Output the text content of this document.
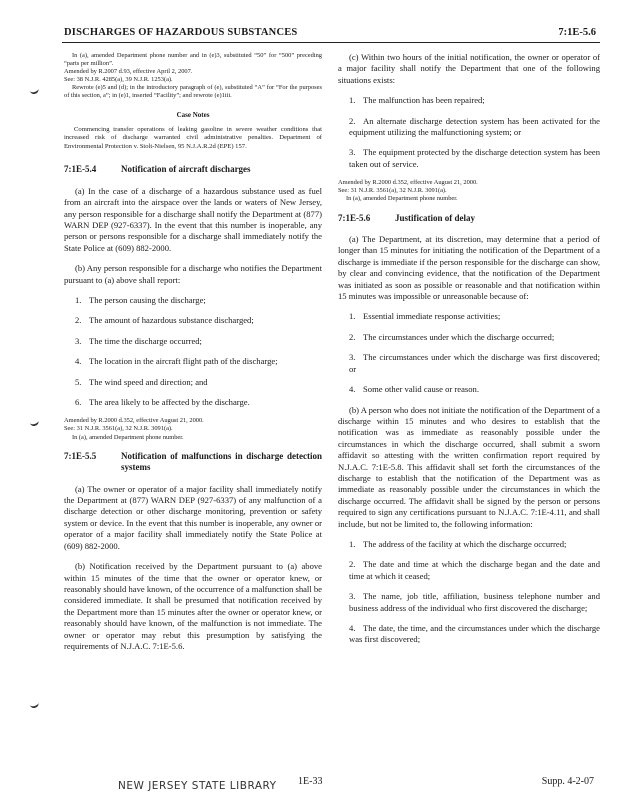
DISCHARGES OF HAZARDOUS SUBSTANCES	7:1E-5.6
In (a), amended Department phone number and in (e)3, substituted “50” for “500” preceding “parts per million”.
Amended by R.2007 d.93, effective April 2, 2007.
See: 38 N.J.R. 4285(a), 39 N.J.R. 1253(a).
Rewrote (e)5 and (d); in the introductory paragraph of (e), substituted “A” for “For the purposes of this section, a”; in (e)1, inserted “Facility”; and rewrote (e)1iii.
Case Notes

Commencing transfer operations of leaking gasoline in severe weather conditions that increased risk of discharge warranted civil administrative penalties. Department of Environmental Protection v. Stolt-Nielsen, 95 N.J.A.R.2d (EPE) 157.

7:1E-5.4	Notification of aircraft discharges

(a) In the case of a discharge of a hazardous substance used as fuel from an aircraft into the airspace over the lands or waters of New Jersey, any person responsible for a discharge shall notify the Department at (877) WARN DEP (927-6337). In the event that this number is inoperable, any person or persons responsible for a discharge shall immediately notify the State Police at (609) 882-2000.

(b) Any person responsible for a discharge who notifies the Department pursuant to (a) above shall report:

1. The person causing the discharge;
2. The amount of hazardous substance discharged;
3. The time the discharge occurred;
4. The location in the aircraft flight path of the discharge;
5. The wind speed and direction; and
6. The area likely to be affected by the discharge.
Amended by R.2000 d.352, effective August 21, 2000.
See: 31 N.J.R. 3561(a), 32 N.J.R. 3091(a).
In (a), amended Department phone number.
7:1E-5.5	Notification of malfunctions in discharge detection systems

(a) The owner or operator of a major facility shall immediately notify the Department at (877) WARN DEP (927-6337) of any malfunction of a discharge detection or other discharge monitoring, prevention or safety system or device. In the event that this number is inoperable, any owner or operator of a major facility shall immediately notify the State Police at (609) 882-2000.

(b) Notification received by the Department pursuant to (a) above within 15 minutes of the time that the owner or operator knew, or reasonably should have known, of the occurrence of a malfunction shall be considered immediate. It shall be presumed that notification received by the Department more than 15 minutes after the owner or operator knew, or reasonably should have known, of the malfunction is not immediate. The owner or operator may rebut this presumption by satisfying the requirements of N.J.A.C. 7:1E-5.6.

(c) Within two hours of the initial notification, the owner or operator of a major facility shall notify the Department that one of the following situations exists:

1. The malfunction has been repaired;
2. An alternate discharge detection system has been activated for the equipment utilizing the malfunctioning system; or
3. The equipment protected by the discharge detection system has been taken out of service.
Amended by R.2000 d.352, effective August 21, 2000.
See: 31 N.J.R. 3561(a), 32 N.J.R. 3091(a).
In (a), amended Department phone number.
7:1E-5.6	Justification of delay

(a) The Department, at its discretion, may determine that a period of longer than 15 minutes for initiating the notification of the Department of a discharge is immediate if the person responsible for the discharge can show, by clear and convincing evidence, that the notification of the Department was initiated as soon as possible or reasonable and that notification within 15 minutes was impossible or unreasonable because of:

1. Essential immediate response activities;
2. The circumstances under which the discharge occurred;
3. The circumstances under which the discharge was first discovered; or
4. Some other valid cause or reason.

(b) A person who does not initiate the notification of the Department of a discharge within 15 minutes and who desires to establish that the notification was as immediate as reasonably possible under the circumstances in which the discharge occurred, shall submit a sworn affidavit so attesting with the written confirmation report required by N.J.A.C. 7:1E-5.8. This affidavit shall set forth the circumstances of the discharge to establish that the notification of the Department was as immediate as reasonably possible under the circumstances in which the discharge occurred. The affidavit shall be signed by the person or persons required to sign any certifications pursuant to N.J.A.C. 7:1E-4.11, and shall include, but not be limited to, the following information:

1. The address of the facility at which the discharge occurred;
2. The date and time at which the discharge began and the date and time at which it ceased;
3. The name, job title, affiliation, business telephone number and business address of the individual who first discovered the discharge;
4. The date, the time, and the circumstances under which the discharge was first discovered;
NEW JERSEY STATE LIBRARY 1E-33	Supp. 4-2-07
